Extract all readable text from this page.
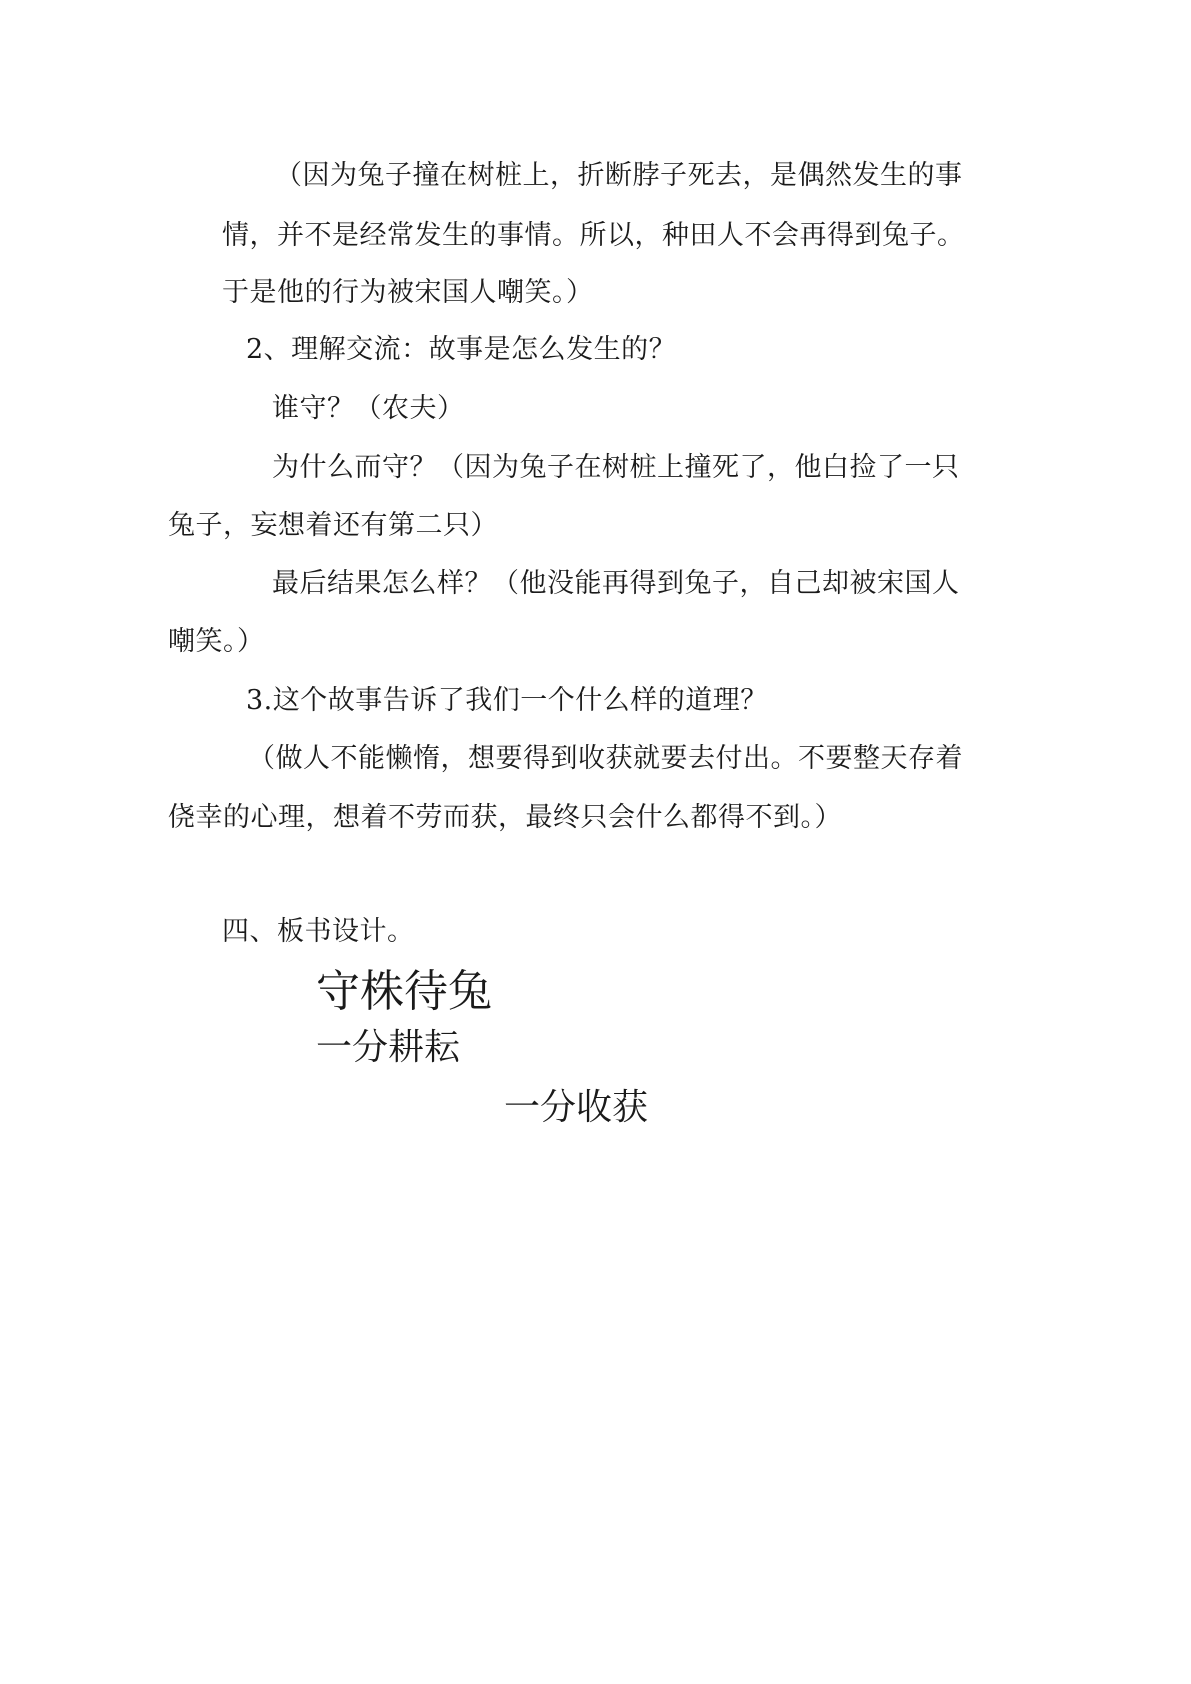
（因为兔子撞在树桩上，折断脖子死去，是偶然发生的事
情，并不是经常发生的事情。所以，种田人不会再得到兔子。
于是他的行为被宋国人嘲笑。）
2、理解交流：故事是怎么发生的？
谁守？（农夫）
为什么而守？（因为兔子在树桩上撞死了，他白捡了一只
兔子，妄想着还有第二只）
最后结果怎么样？（他没能再得到兔子，自己却被宋国人
嘲笑。）
3.这个故事告诉了我们一个什么样的道理？
（做人不能懒惰，想要得到收获就要去付出。不要整天存着
侥幸的心理，想着不劳而获，最终只会什么都得不到。）
四、板书设计。
守株待兔
一分耕耘
一分收获
